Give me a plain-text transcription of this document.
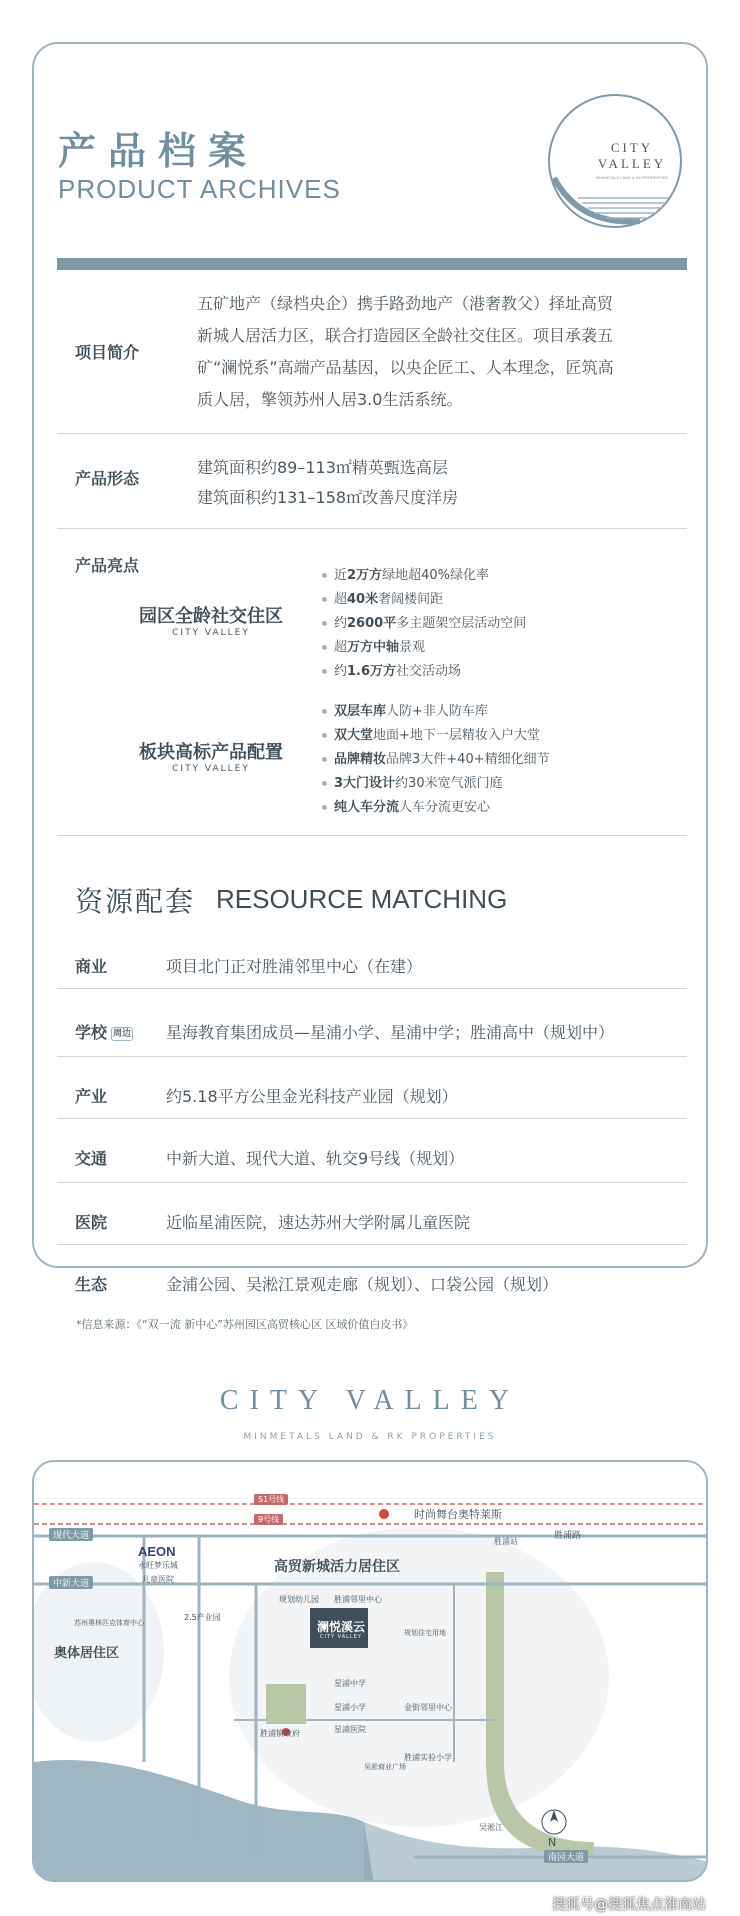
产品档案
PRODUCT ARCHIVES
CITY
VALLEY
MINMETALS LAND & RK PROPERTIES
项目简介
五矿地产（绿档央企）携手路劲地产（港奢教父）择址高贸
新城人居活力区，联合打造园区全龄社交住区。项目承袭五
矿“澜悦系”高端产品基因，以央企匠工、人本理念，匠筑高
质人居，擎领苏州人居3.0生活系统。
产品形态
建筑面积约89–113㎡精英甄选高层
建筑面积约131–158㎡改善尺度洋房
产品亮点
园区全龄社交住区
CITY VALLEY
近2万方绿地超40%绿化率
超40米奢阔楼间距
约2600平多主题架空层活动空间
超万方中轴景观
约1.6万方社交活动场
板块高标产品配置
CITY VALLEY
双层车库人防+非人防车库
双大堂地面+地下一层精妆入户大堂
品牌精妆品牌3大件+40+精细化细节
3大门设计约30米宽气派门庭
纯人车分流人车分流更安心
资源配套 RESOURCE MATCHING
商业	项目北门正对胜浦邻里中心（在建）
学校 周边 星海教育集团成员—星浦小学、星浦中学；胜浦高中（规划中）
产业	约5.18平方公里金光科技产业园（规划）
交通	中新大道、现代大道、轨交9号线（规划）
医院	近临星浦医院，速达苏州大学附属儿童医院
生态	金浦公园、吴淞江景观走廊（规划）、口袋公园（规划）
*信息来源：《“双一流 新中心”苏州园区高贸核心区 区域价值白皮书》
CITY VALLEY
MINMETALS LAND & RK PROPERTIES
时尚舞台奥特莱斯
S1号线
9号线
现代大道
中新大道
南园大道
胜浦路
AEON
永旺梦乐城
儿童医院
高贸新城活力居住区
奥体居住区
苏州奥林匹克体育中心
规划幼儿园 胜浦邻里中心
2.5产业园
澜悦溪云
CITY VALLEY
星浦中学
星浦小学
星浦医院
胜浦镇政府
金街邻里中心
胜浦实验小学
吴淞商业广场
规划住宅用地
胜浦站
吴淞江
N
搜狐号@搜狐焦点淮南站
